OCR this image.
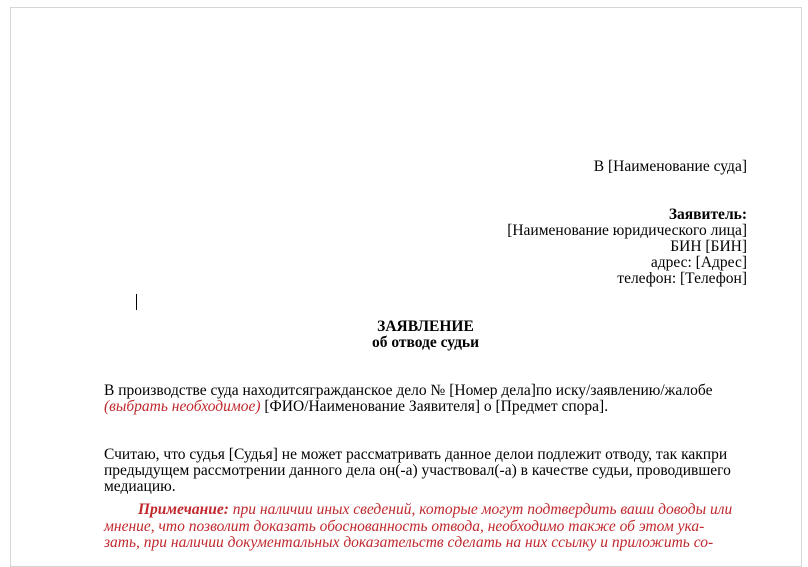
В [Наименование суда]
Заявитель:
[Наименование юридического лица]
БИН [БИН]
адрес: [Адрес]
телефон: [Телефон]
ЗАЯВЛЕНИЕ
об отводе судьи
В производстве суда находитсягражданское дело № [Номер дела]по иску/заявлению/жалобе
(выбрать необходимое) [ФИО/Наименование Заявителя] о [Предмет спора].
Считаю, что судья [Судья] не может рассматривать данное делои подлежит отводу, так какпри
предыдущем рассмотрении данного дела он(-а) участвовал(-а) в качестве судьи, проводившего
медиацию.
Примечание: при наличии иных сведений, которые могут подтвердить ваши доводы или
мнение, что позволит доказать обоснованность отвода, необходимо также об этом ука-
зать, при наличии документальных доказательств сделать на них ссылку и приложить со-
